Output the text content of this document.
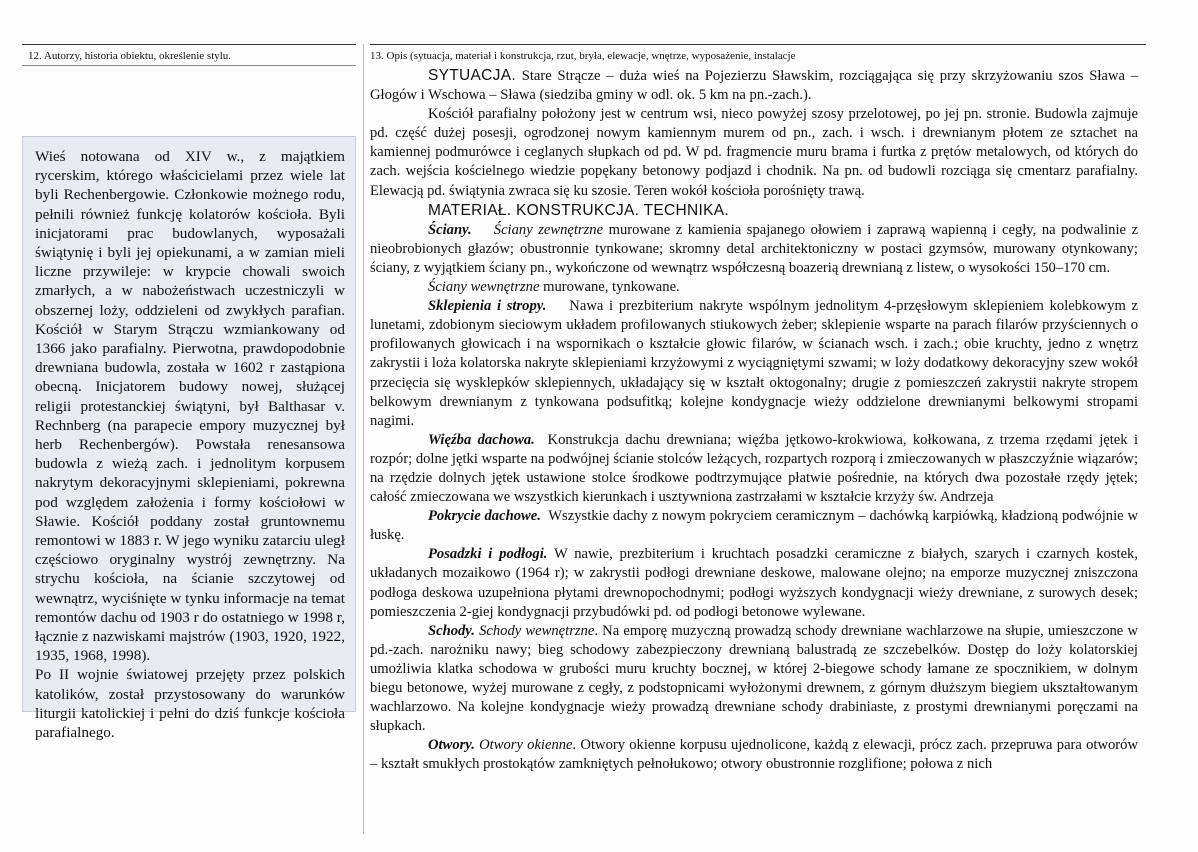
12. Autorzy, historia obiektu, określenie stylu.

Wieś notowana od XIV w., z majątkiem rycerskim, którego właścicielami przez wiele lat byli Rechenbergowie. Członkowie możnego rodu, pełnili również funkcję kolatorów kościoła. Byli inicjatorami prac budowlanych, wyposażali świątynię i byli jej opiekunami, a w zamian mieli liczne przywileje: w krypcie chowali swoich zmarłych, a w nabożeństwach uczestniczyli w obszernej loży, oddzieleni od zwykłych parafian. Kościół w Starym Strączu wzmiankowany od 1366 jako parafialny. Pierwotna, prawdopodobnie drewniana budowla, została w 1602 r zastąpiona obecną. Inicjatorem budowy nowej, służącej religii protestanckiej świątyni, był Balthasar v. Rechnberg (na parapecie empory muzycznej był herb Rechenbergów). Powstała renesansowa budowla z wieżą zach. i jednolitym korpusem nakrytym dekoracyjnymi sklepieniami, pokrewna pod względem założenia i formy kościołowi w Sławie. Kościół poddany został gruntownemu remontowi w 1883 r. W jego wyniku zatarciu uległ częściowo oryginalny wystrój zewnętrzny. Na strychu kościoła, na ścianie szczytowej od wewnątrz, wyciśnięte w tynku informacje na temat remontów dachu od 1903 r do ostatniego w 1998 r, łącznie z nazwiskami majstrów (1903, 1920, 1922, 1935, 1968, 1998).

Po II wojnie światowej przejęty przez polskich katolików, został przystosowany do warunków liturgii katolickiej i pełni do dziś funkcje kościoła parafialnego.

13. Opis (sytuacja, materiał i konstrukcja, rzut, bryła, elewacje, wnętrze, wyposażenie, instalacje

SYTUACJA. Stare Strącze – duża wieś na Pojezierzu Sławskim, rozciągająca się przy skrzyżowaniu szos Sława – Głogów i Wschowa – Sława (siedziba gminy w odl. ok. 5 km na pn.-zach.).

Kościół parafialny położony jest w centrum wsi, nieco powyżej szosy przelotowej, po jej pn. stronie. Budowla zajmuje pd. część dużej posesji, ogrodzonej nowym kamiennym murem od pn., zach. i wsch. i drewnianym płotem ze sztachet na kamiennej podmurówce i ceglanych słupkach od pd. W pd. fragmencie muru brama i furtka z prętów metalowych, od których do zach. wejścia kościelnego wiedzie popękany betonowy podjazd i chodnik. Na pn. od budowli rozciąga się cmentarz parafialny. Elewacją pd. świątynia zwraca się ku szosie. Teren wokół kościoła porośnięty trawą.

MATERIAŁ. KONSTRUKCJA. TECHNIKA.

Ściany. Ściany zewnętrzne murowane z kamienia spajanego ołowiem i zaprawą wapienną i cegły, na podwalinie z nieobrobionych głazów; obustronnie tynkowane; skromny detal architektoniczny w postaci gzymsów, murowany otynkowany; ściany, z wyjątkiem ściany pn., wykończone od wewnątrz współczesną boazerią drewnianą z listew, o wysokości 150–170 cm.

Ściany wewnętrzne murowane, tynkowane.

Sklepienia i stropy. Nawa i prezbiterium nakryte wspólnym jednolitym 4-przęsłowym sklepieniem kolebkowym z lunetami, zdobionym sieciowym układem profilowanych stiukowych żeber; sklepienie wsparte na parach filarów przyściennych o profilowanych głowicach i na wspornikach o kształcie głowic filarów, w ścianach wsch. i zach.; obie kruchty, jedno z wnętrz zakrystii i loża kolatorska nakryte sklepieniami krzyżowymi z wyciągniętymi szwami; w loży dodatkowy dekoracyjny szew wokół przecięcia się wysklepków sklepiennych, układający się w kształt oktogonalny; drugie z pomieszczeń zakrystii nakryte stropem belkowym drewnianym z tynkowana podsufitką; kolejne kondygnacje wieży oddzielone drewnianymi belkowymi stropami nagimi.

Więźba dachowa. Konstrukcja dachu drewniana; więźba jętkowo-krokwiowa, kołkowana, z trzema rzędami jętek i rozpór; dolne jętki wsparte na podwójnej ścianie stolców leżących, rozpartych rozporą i zmieczowanych w płaszczyźnie wiązarów; na rzędzie dolnych jętek ustawione stolce środkowe podtrzymujące płatwie pośrednie, na których dwa pozostałe rzędy jętek; całość zmieczowana we wszystkich kierunkach i usztywniona zastrzałami w kształcie krzyży św. Andrzeja

Pokrycie dachowe. Wszystkie dachy z nowym pokryciem ceramicznym – dachówką karpiówką, kładzioną podwójnie w łuskę.

Posadzki i podłogi. W nawie, prezbiterium i kruchtach posadzki ceramiczne z białych, szarych i czarnych kostek, układanych mozaikowo (1964 r); w zakrystii podłogi drewniane deskowe, malowane olejno; na emporze muzycznej zniszczona podłoga deskowa uzupełniona płytami drewnopochodnymi; podłogi wyższych kondygnacji wieży drewniane, z surowych desek; pomieszczenia 2-giej kondygnacji przybudówki pd. od podłogi betonowe wylewane.

Schody. Schody wewnętrzne. Na emporę muzyczną prowadzą schody drewniane wachlarzowe na słupie, umieszczone w pd.-zach. narożniku nawy; bieg schodowy zabezpieczony drewnianą balustradą ze szczebelków. Dostęp do loży kolatorskiej umożliwia klatka schodowa w grubości muru kruchty bocznej, w której 2-biegowe schody łamane ze spocznikiem, w dolnym biegu betonowe, wyżej murowane z cegły, z podstopnicami wyłożonymi drewnem, z górnym dłuższym biegiem ukształtowanym wachlarzowo. Na kolejne kondygnacje wieży prowadzą drewniane schody drabiniaste, z prostymi drewnianymi poręczami na słupkach.

Otwory. Otwory okienne. Otwory okienne korpusu ujednolicone, każdą z elewacji, prócz zach. przepruwa para otworów – kształt smukłych prostokątów zamkniętych pełnołukowo; otwory obustronnie rozglifione; połowa z nich
